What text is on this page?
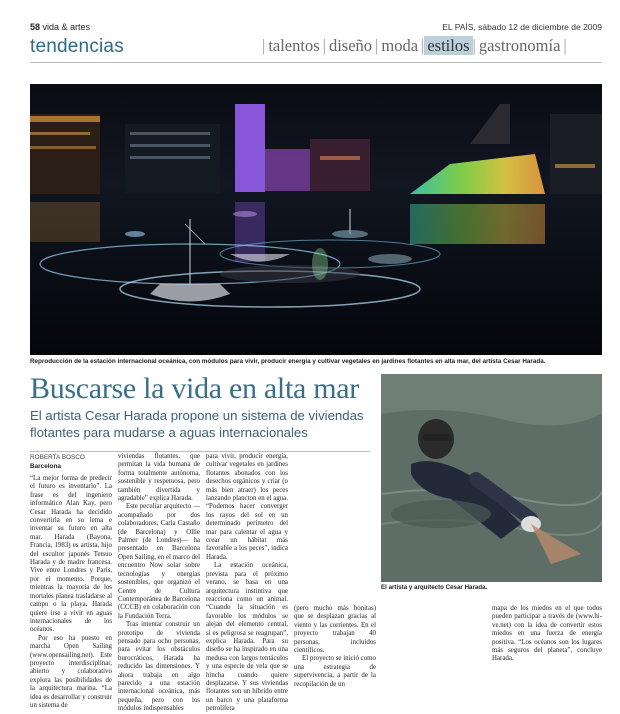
58 vida & artes	EL PAÍS, sábado 12 de diciembre de 2009
tendencias	| talentos | diseño | moda | estilos | gastronomía |
Reproducción de la estación internacional oceánica, con módulos para vivir, producir energía y cultivar vegetales en jardines flotantes en alta mar, del artista Cesar Harada.
Buscarse la vida en alta mar
El artista Cesar Harada propone un sistema de viviendas flotantes para mudarse a aguas internacionales
ROBERTA BOSCO
Barcelona

“La mejor forma de predecir el futuro es inventarlo”. La frase es del ingeniero informático Alan Kay, pero Cesar Harada ha decidido convertirla en su lema e inventar su futuro en alta mar. Harada (Bayona, Francia, 1983) es artista, hijo del escultor japonés Tetsuo Harada y de madre francesa. Vive entre Londres y París, por el momento. Porque, mientras la mayoría de los mortales planea trasladarse al campo o la playa, Harada quiere irse a vivir en aguas internacionales de los océanos.

Por eso ha puesto en marcha Open Sailing (www.opensailing.net). Este proyecto interdisciplinar, abierto y colaborativo explora las posibilidades de la arquitectura marina. “La idea es desarrollar y construir un sistema de

viviendas flotantes, que permitan la vida humana de forma totalmente autónoma, sostenible y respetuosa, pero también divertida y agradable” explica Harada.

Este peculiar arquitecto —acompañado por dos colaboradores, Carla Castaño (de Barcelona) y Ollie Palmer (de Londres)— ha presentado en Barcelona Open Sailing, en el marco del encuentro Now solar sobre tecnologías y energías sostenibles, que organizó el Centre de Cultura Contemporánea de Barcelona (CCCB) en colaboración con la Fundación Terra.

Tras intentar construir un prototipo de vivienda pensado para ocho personas, para evitar los obstáculos burocráticos, Harada ha reducido las dimensiones. Y ahora trabaja en algo parecido a una estación internacional oceánica, más pequeña, pero con los módulos indispensables

para vivir, producir energía, cultivar vegetales en jardines flotantes abonados con los desechos orgánicos y criar (o más bien atraer) los peces lanzando plancton en el agua. “Podemos hacer converger los rayos del sol en un determinado perímetro del mar para calentar el agua y crear un hábitat más favorable a los peces”, indica Harada.

La estación oceánica, prevista para el próximo verano, se basa en una arquitectura instintiva que reacciona como un animal. “Cuando la situación es favorable los módulos se alejan del elemento central, si es peligrosa se reagrupan”, explica Harada. Para su diseño se ha inspirado en una medusa con largos tentáculos y una especie de vela que se hincha cuando quiere desplazarse. Y sus viviendas flotantes son un híbrido entre un barco y una plataforma petrolífera

(pero mucho más bonitas) que se desplazan gracias al viento y las corrientes. En el proyecto trabajan 40 personas, incluidos científicos.

El proyecto se inició como una estrategia de supervivencia, a partir de la recopilación de un

mapa de los miedos en el que todos pueden participar a través de (www.hi-ve.net) con la idea de convertir estos miedos en una fuerza de energía positiva. “Los océanos son los lugares más seguros del planeta”, concluye Harada.

El artista y arquitecto Cesar Harada.
